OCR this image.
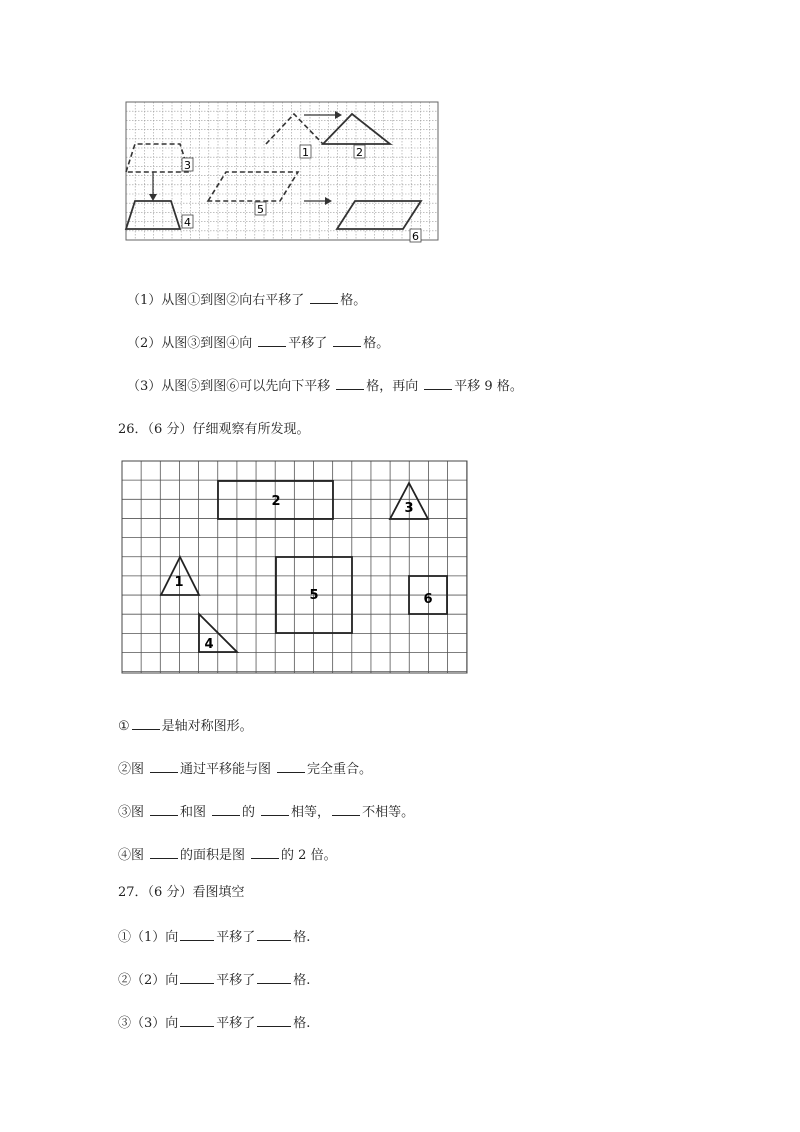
3
4
1	2
5
6
（1）从图①到图②向右平移了	格。
（2）从图③到图④向	平移了	格。
（3）从图⑤到图⑥可以先向下平移	格，再向	平移 9 格。
26．（6 分）仔细观察有所发现。
2	3
1
5	6
4
① 是轴对称图形。
②图	通过平移能与图	完全重合。
③图	和图	的	相等， 不相等。
④图	的面积是图	的 2 倍。
27．（6 分）看图填空
①（1）向	平移了	格.
②（2）向	平移了	格.
③（3）向	平移了	格.
